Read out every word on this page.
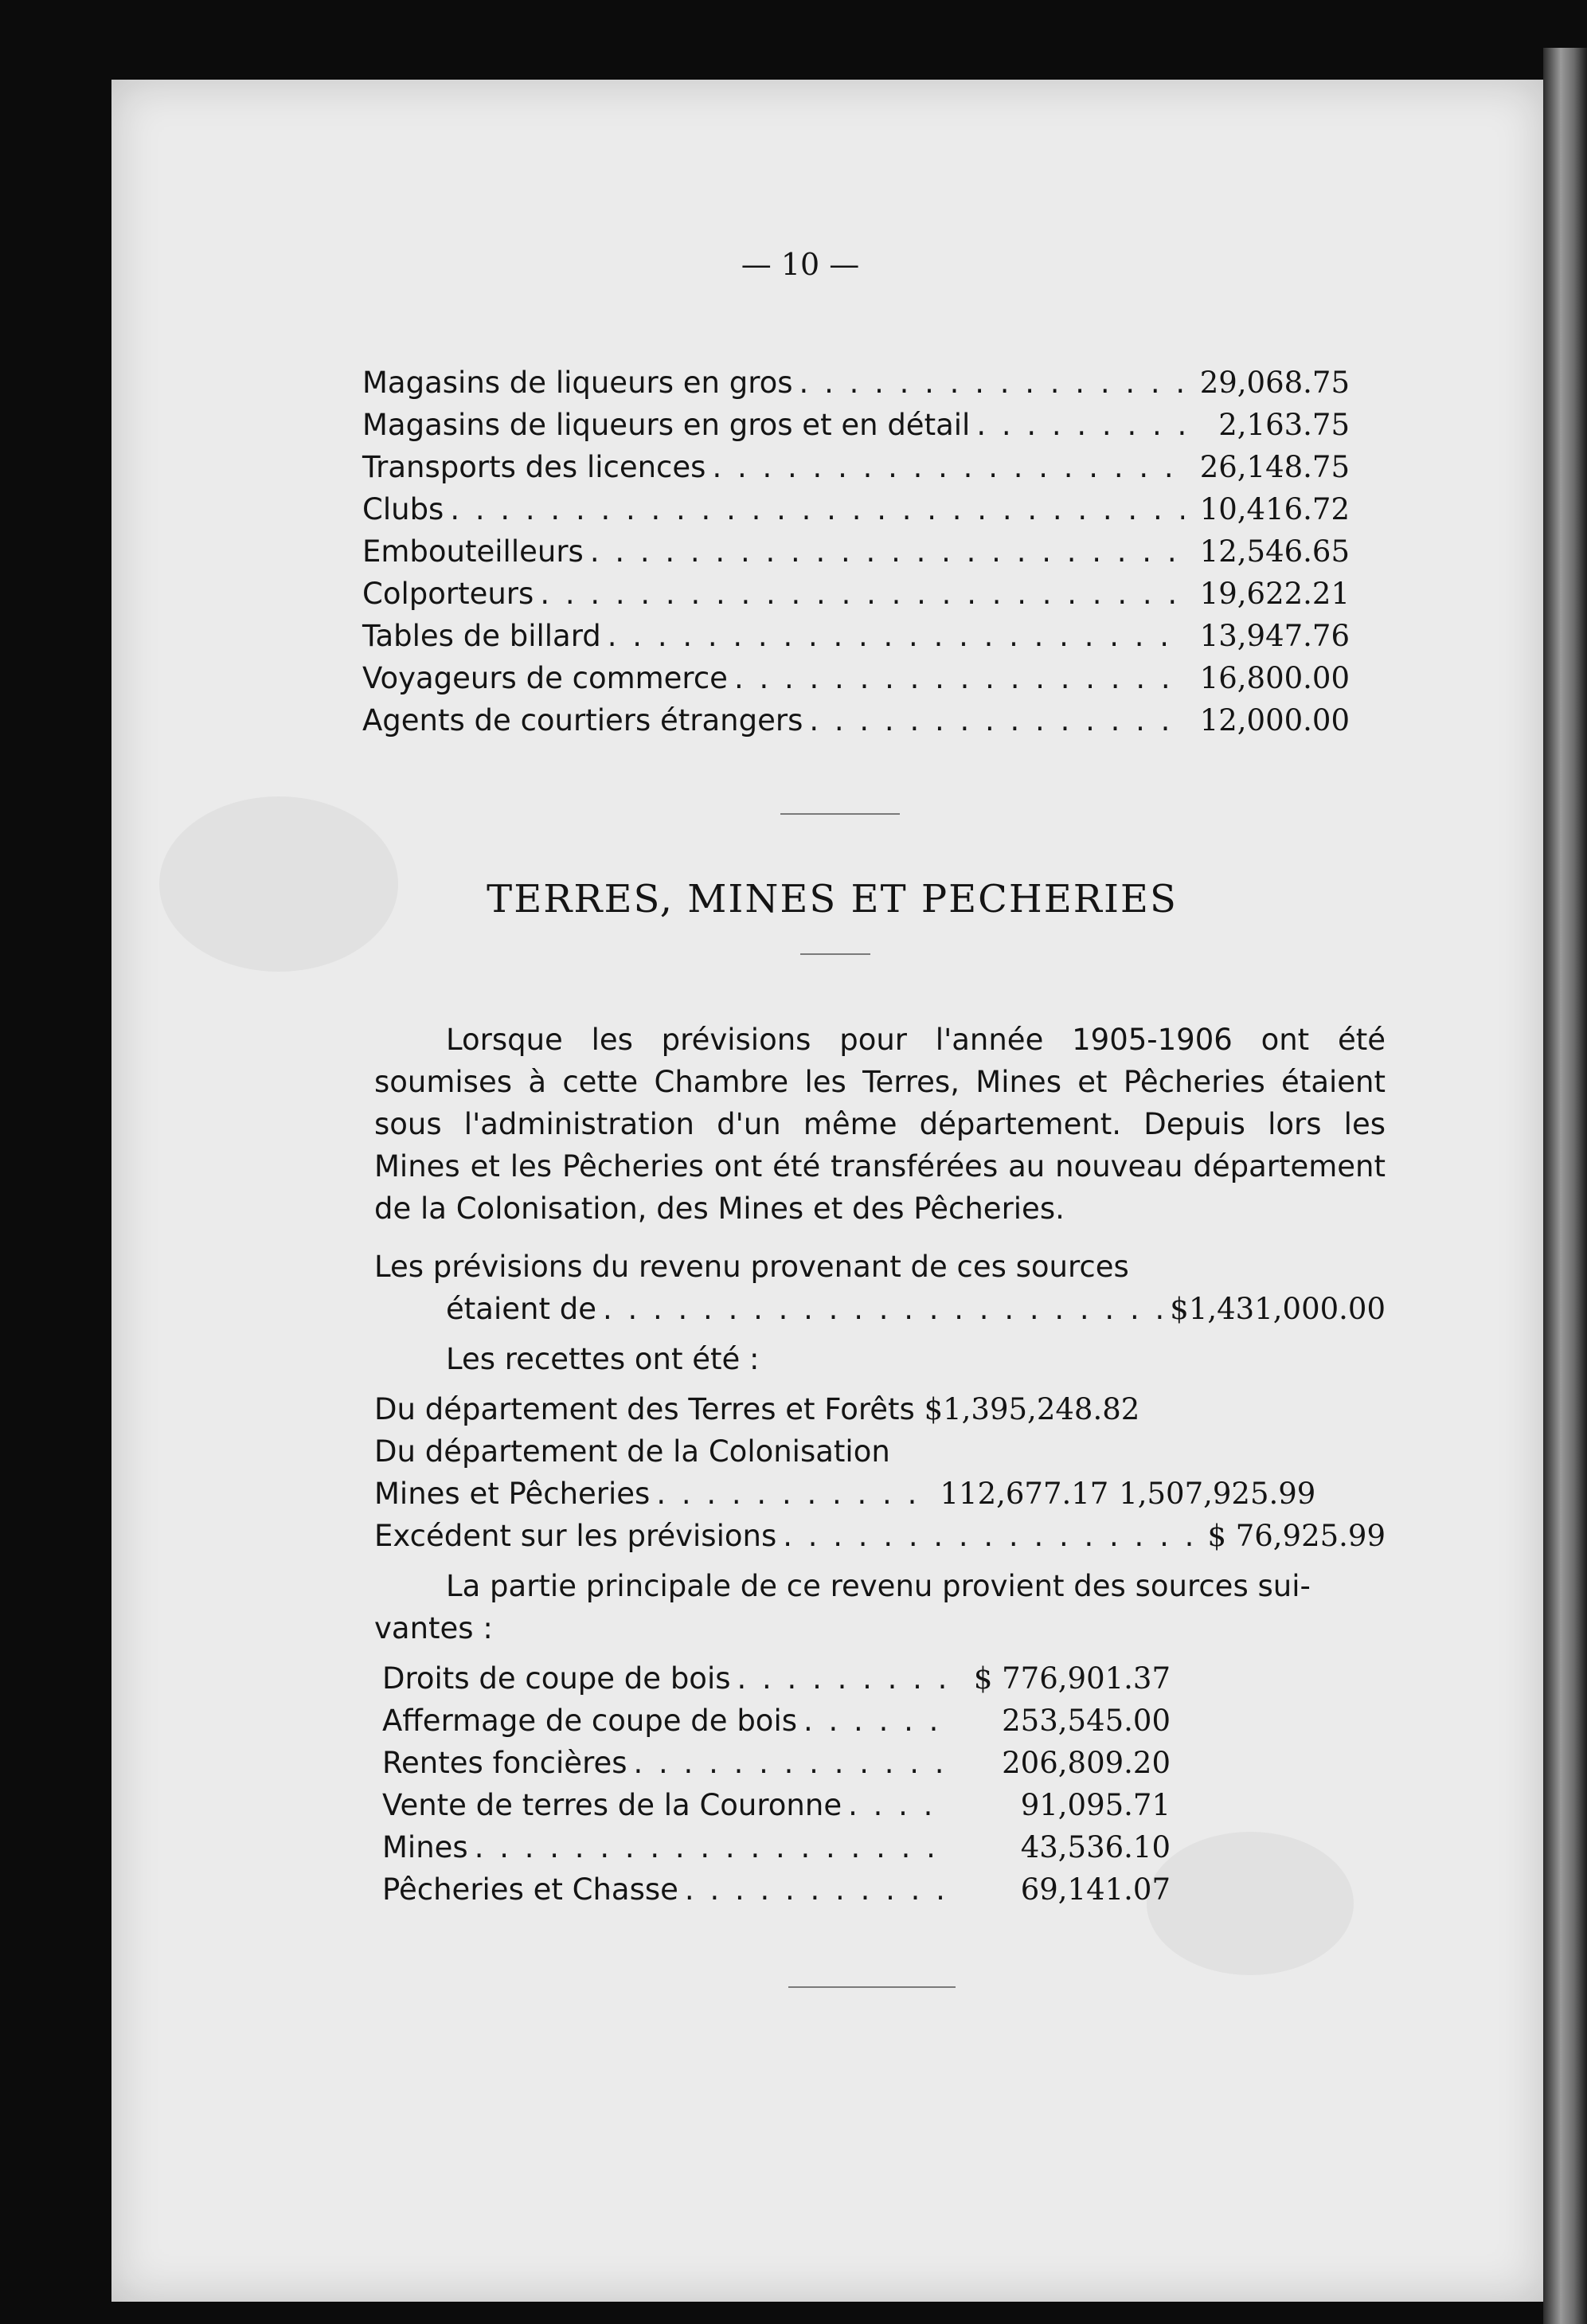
— 10 —
Magasins de liqueurs en gros . . .	29,068.75
Magasins de liqueurs en gros et en détail . . .	2,163.75
Transports des licences . . .	26,148.75
Clubs . . .	10,416.72
Embouteilleurs . . .	12,546.65
Colporteurs . . .	19,622.21
Tables de billard . . .	13,947.76
Voyageurs de commerce . . .	16,800.00
Agents de courtiers étrangers . . .	12,000.00
TERRES, MINES ET PECHERIES
Lorsque les prévisions pour l'année 1905-1906 ont été soumises à cette Chambre les Terres, Mines et Pêcheries étaient sous l'administration d'un même département. Depuis lors les Mines et les Pêcheries ont été transférées au nouveau département de la Colonisation, des Mines et des Pêcheries.
Les prévisions du revenu provenant de ces sources
étaient de . . .	$1,431,000.00
Les recettes ont été :
Du département des Terres et Forêts $1,395,248.82
Du département de la Colonisation
Mines et Pêcheries . . .	112,677.17 1,507,925.99
Excédent sur les prévisions . . .	$ 76,925.99
La partie principale de ce revenu provient des sources sui-
vantes :
Droits de coupe de bois . . .	$ 776,901.37
Affermage de coupe de bois . . .	253,545.00
Rentes foncières . . .	206,809.20
Vente de terres de la Couronne . . .	91,095.71
Mines . . .	43,536.10
Pêcheries et Chasse . . .	69,141.07
